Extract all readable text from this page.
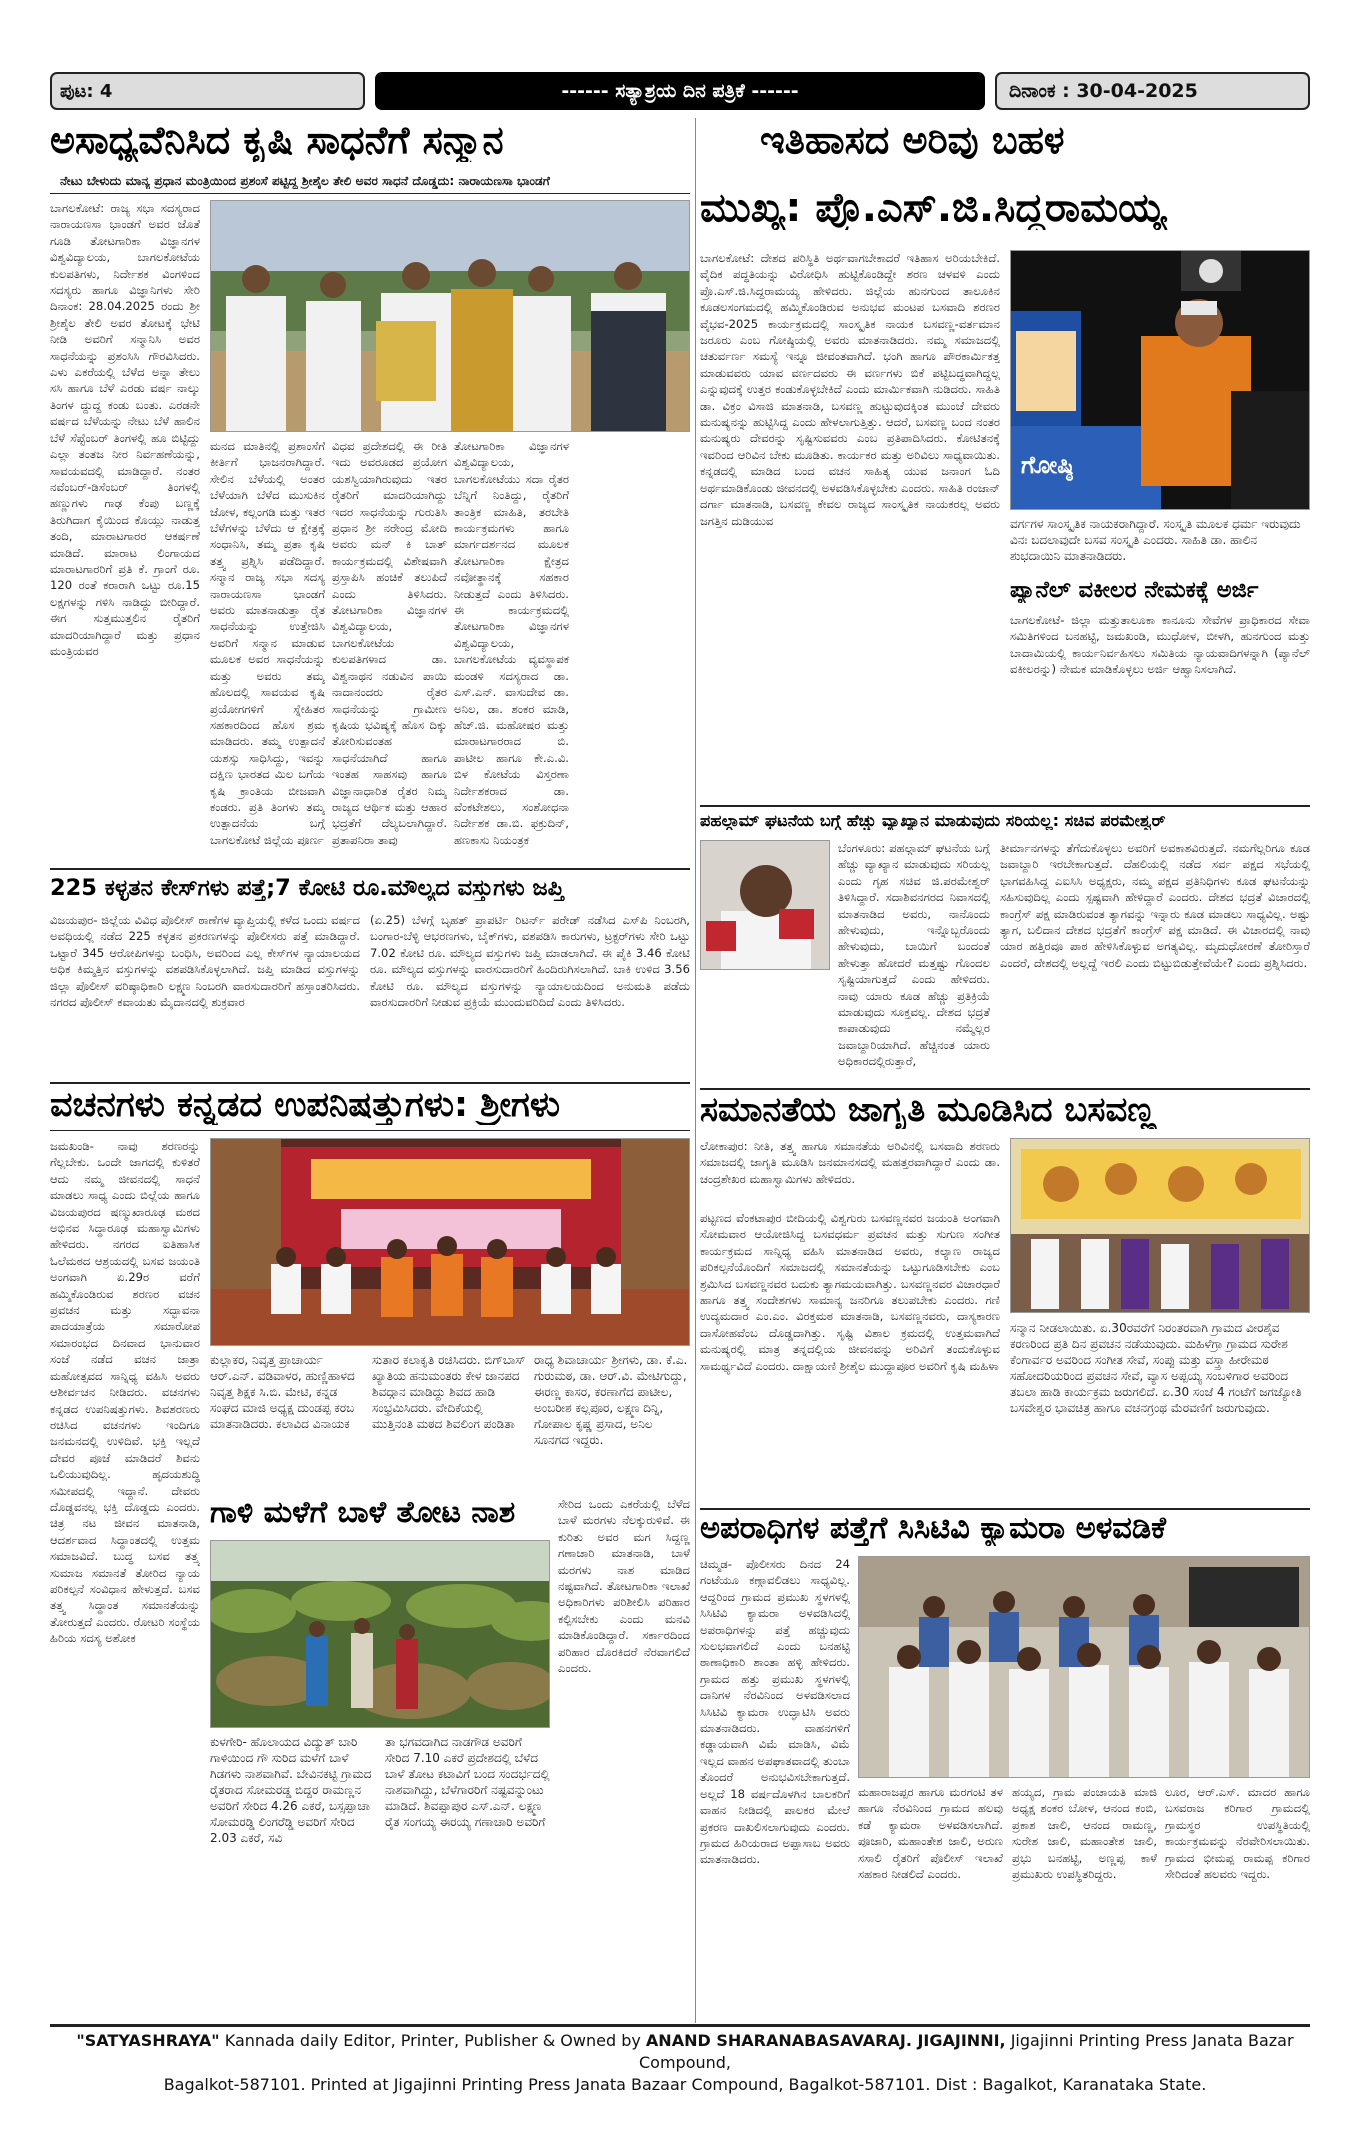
ಪುಟ: 4	------ ಸತ್ಯಾಶ್ರಯ ದಿನ ಪತ್ರಿಕೆ ------	ದಿನಾಂಕ : 30-04-2025
ಅಸಾಧ್ಯವೆನಿಸಿದ ಕೃಷಿ ಸಾಧನೆಗೆ ಸನ್ಮಾನ
ನೇಟು ಬೇಳುದು ಮಾನ್ಯ ಪ್ರಧಾನ ಮಂತ್ರಿಯಿಂದ ಪ್ರಶಂಸೆ ಪಟ್ಟಿದ್ದ ಶ್ರೀಶೈಲ ತೇಲಿ ಅವರ ಸಾಧನೆ ದೊಡ್ಡದು: ನಾರಾಯಣಸಾ ಭಾಂಡಗೆ
ಬಾಗಲಕೋಟೆ: ರಾಜ್ಯ ಸಭಾ ಸದಸ್ಯರಾದ ನಾರಾಯಣಸಾ ಭಾಂಡಗೆ ಅವರ ಜೊತೆ ಗೂಡಿ ತೋಟಗಾರಿಕಾ ವಿಜ್ಞಾನಗಳ ವಿಶ್ವವಿದ್ಯಾಲಯ, ಬಾಗಲಕೋಟೆಯ ಕುಲಪತಿಗಳು, ನಿರ್ದೇಶಕ ವಿಂಗಳಿಂದ ಸದಸ್ಯರು ಹಾಗೂ ವಿಜ್ಞಾನಿಗಳು ಸೇರಿ ದಿನಾಂಕ: 28.04.2025 ರಂದು ಶ್ರೀ ಶ್ರೀಶೈಲ ತೇಲಿ ಅವರ ತೋಟಕ್ಕೆ ಭೇಟಿ ನೀಡಿ ಅವರಿಗೆ ಸನ್ಮಾನಿಸಿ ಅವರ ಸಾಧನೆಯನ್ನು ಪ್ರಶಂಸಿಸಿ ಗೌರವಿಸಿದರು. ಎಳು ಎಕರೆಯಲ್ಲಿ ಬೆಳೆದ ಅನ್ನಾ ತೇಲು ಸಸಿ ಹಾಗೂ ಬೆಳೆ ಎರಡು ವರ್ಷ ನಾಲ್ಕು ತಿಂಗಳ ದ್ದುದ್ದ ಕಂಡು ಬಂತು. ಎರಡನೇ ವರ್ಷದ ಬೆಳೆಯನ್ನು ನೇಟು ಬೆಳೆ ಹಾಲಿನ ಬೆಳೆ ಸೆಪ್ಟೆಂಬರ್ ತಿಂಗಳಲ್ಲಿ ಹೂ ಬಿಟ್ಟಿದ್ದು ಎಲ್ಲಾ ತಂತಜ ನೀರ ನಿರ್ವಹಣೆಯನ್ನು, ಸಾವಯವದಲ್ಲಿ ಮಾಡಿದ್ದಾರೆ. ನಂತರ ನವೆಂಬರ್-ಡಿಸೆಂಬರ್ ತಿಂಗಳಲ್ಲಿ ಹಣ್ಣುಗಳು ಗಾಢ ಕೆಂಪು ಬಣ್ಣಕ್ಕೆ ತಿರುಗಿದಾಗ ಕೈಯಿಂದ ಕೊಯ್ಲು ನಾಡುತ್ತ ತಂದಿ, ಮಾರಾಟಗಾರರ ಆಕರ್ಷಣೆ ಮಾಡಿದೆ. ಮಾರಾಟ ಲಿಂಗಾಯದ ಮಾರಾಟಗಾರರಿಗೆ ಪ್ರತಿ ಕೆ. ಗ್ರಾಂಗೆ ರೂ. 120 ರಂತೆ ಕರಾರಾಗಿ ಒಟ್ಟು ರೂ.15 ಲಕ್ಷಗಳನ್ನು ಗಳಿಸಿ ನಾಡಿದ್ದು ಬೀರಿದ್ದಾರೆ. ಈಗ ಸುತ್ತಮುತ್ತಲಿನ ರೈತರಿಗೆ ಮಾದರಿಯಾಗಿದ್ದಾರೆ ಮತ್ತು ಪ್ರಧಾನ ಮಂತ್ರಿಯವರ
ಮನದ ಮಾತಿನಲ್ಲಿ ಪ್ರಶಾಂಸೆಗೆ ಕೀರ್ತಿಗೆ ಭಾಜನರಾಗಿದ್ದಾರೆ. ಸೇಲಿನ ಬೆಳೆಯಲ್ಲಿ ಅಂತರ ಬೆಳೆಯಾಗಿ ಬೆಳೆದ ಮುಸುಕಿನ ಜೋಳ, ಕಲ್ಲಂಗಡಿ ಮತ್ತು ಇತರ ಬೆಳೆಗಳನ್ನು ಬೆಳೆದು ಆ ಕ್ಷೇತ್ರಕ್ಕೆ ಸಂಧಾನಿಸಿ, ತಮ್ಮ ಪ್ರತಾ ಕೃಷಿ ತತ್ತ್ವ ಪ್ರಶ್ನಿಸಿ ಪಡೆದಿದ್ದಾರೆ. ಸನ್ಮಾನ ರಾಜ್ಯ ಸಭಾ ಸದಸ್ಯ ನಾರಾಯಣಸಾ ಭಾಂಡಗೆ ಅವರು ಮಾತನಾಡುತ್ತಾ ರೈತ ಸಾಧನೆಯನ್ನು ಉತ್ತೇಜಿಸಿ ಅವರಿಗೆ ಸನ್ಮಾನ ಮಾಡುವ ಮೂಲಕ ಅವರ ಸಾಧನೆಯನ್ನು ಮತ್ತು ಅವರು ತಮ್ಮ ಹೊಲದಲ್ಲಿ ಸಾವಯವ ಕೃಷಿ ಪ್ರಯೋಗಗಳಿಗೆ ಸ್ನೇಹಿತರ ಸಹಕಾರದಿಂದ ಹೊಸ ಶ್ರಮ ಮಾಡಿದರು. ತಮ್ಮ ಉತ್ಪಾದನೆ ಯಶಸ್ಸು ಸಾಧಿಸಿದ್ದು, ಇವನ್ನು ದಕ್ಷಿಣ ಭಾರತದ ಮಿಲ ಬಗೆಯ ಕೃಷಿ ಕ್ರಾಂತಿಯ ಬೀಜವಾಗಿ ಕಂಡರು. ಪ್ರತಿ ತಿಂಗಳು ತಮ್ಮ ಉತ್ಪಾದನೆಯ ಬಗ್ಗೆ ಬಾಗಲಕೋಟೆ ಜಿಲ್ಲೆಯ ಪೂರ್ಣ
ವಿಧವ ಪ್ರದೇಶದಲ್ಲಿ ಈ ರೀತಿ ಇದು ಅವರೂಡದ ಪ್ರಯೋಗ ಯಶಸ್ವಿಯಾಗಿರುವುದು ಇತರ ರೈತರಿಗೆ ಮಾದರಿಯಾಗಿದ್ದು ಇದರ ಸಾಧನೆಯನ್ನು ಗುರುತಿಸಿ ಪ್ರಧಾನ ಶ್ರೀ ನರೇಂದ್ರ ಮೋದಿ ಅವರು ಮನ್ ಕಿ ಬಾತ್ ಕಾರ್ಯಕ್ರಮದಲ್ಲಿ ವಿಶೇಷವಾಗಿ ಪ್ರಸ್ತಾಪಿಸಿ ಹಂಚಿಕೆ ತಲುಪಿದೆ ಎಂದು ತಿಳಿಸಿದರು. ತೋಟಗಾರಿಕಾ ವಿಜ್ಞಾನಗಳ ವಿಶ್ವವಿದ್ಯಾಲಯ, ಬಾಗಲಕೋಟೆಯ ಕುಲಪತಿಗಳಾದ ಡಾ. ವಿಶ್ವನಾಥನ ನಡುವಿನ ಪಾಯಿ ನಾದಾನಂದರು ರೈತರ ಸಾಧನೆಯನ್ನು ಗ್ರಾಮೀಣ ಕೃಷಿಯ ಭವಿಷ್ಯಕ್ಕೆ ಹೊಸ ದಿಕ್ಕು ತೋರಿಸುವಂತಹ ಸಾಧನೆಯಾಗಿದೆ ಹಾಗೂ ಇಂತಹ ಸಾಹಸವು ಹಾಗೂ ವಿಜ್ಞಾನಾಧಾರಿತ ರೈತರ ನಿಮ್ಮ ರಾಜ್ಯದ ಆರ್ಥಿಕ ಮತ್ತು ಆಹಾರ ಭದ್ರತೆಗೆ ದೆಲ್ಯಬಲಾಗಿದ್ದಾರೆ. ಪ್ರತಾಪನಿರಾ ತಾವು
ತೋಟಗಾರಿಕಾ ವಿಜ್ಞಾನಗಳ ವಿಶ್ವವಿದ್ಯಾಲಯ, ಬಾಗಲಕೋಟೆಯು ಸದಾ ರೈತರ ಬೆನ್ನಿಗೆ ನಿಂತಿದ್ದು, ರೈತರಿಗೆ ತಾಂತ್ರಿಕ ಮಾಹಿತಿ, ತರಬೇತಿ ಕಾರ್ಯಕ್ರಮಗಳು ಹಾಗೂ ಮಾರ್ಗದರ್ಶನದ ಮೂಲಕ ತೋಟಗಾರಿಕಾ ಕ್ಷೇತ್ರದ ನವೋತ್ಥಾನಕ್ಕೆ ಸಹಕಾರ ನೀಡುತ್ತದೆ ಎಂದು ತಿಳಿಸಿದರು. ಈ ಕಾರ್ಯಕ್ರಮದಲ್ಲಿ ತೋಟಗಾರಿಕಾ ವಿಜ್ಞಾನಗಳ ವಿಶ್ವವಿದ್ಯಾಲಯ, ಬಾಗಲಕೋಟೆಯ ವ್ಯವಸ್ಥಾಪಕ ಮಂಡಳಿ ಸದಸ್ಯರಾದ ಡಾ. ಎಸ್.ಎನ್. ವಾಸುದೇವ ಡಾ. ಅನಿಲ, ಡಾ. ಶಂಕರ ಮಾಡಿ, ಹೆಚ್.ಜಿ. ಮಹೋಷರ ಮತ್ತು ಮಾರಾಟಗಾರರಾದ ಬಿ. ಪಾಟೀಲ ಹಾಗೂ ಕೇ.ಎ.ವಿ. ಬಿಳ ಕೋಟೆಯ ವಿಸ್ತರಣಾ ನಿರ್ದೇಶಕರಾದ ಡಾ. ವೆಂಕಟೇಶಲು, ಸಂಶೋಧನಾ ನಿರ್ದೇಶಕ ಡಾ.ಬಿ. ಫಕ್ರುದಿನ್, ಹಣಕಾಸು ನಿಯಂತ್ರಕ
225 ಕಳ್ಳತನ ಕೇಸ್‌ಗಳು ಪತ್ತೆ;7 ಕೋಟಿ ರೂ.ಮೌಲ್ಯದ ವಸ್ತುಗಳು ಜಪ್ತಿ
ವಿಜಯಪುರ- ಜಿಲ್ಲೆಯ ವಿವಿಧ ಪೊಲೀಸ್ ಠಾಣೆಗಳ ವ್ಯಾಪ್ತಿಯಲ್ಲಿ ಕಳೆದ ಒಂದು ವರ್ಷದ ಅವಧಿಯಲ್ಲಿ ನಡೆದ 225 ಕಳ್ಳತನ ಪ್ರಕರಣಗಳನ್ನು ಪೊಲೀಸರು ಪತ್ತೆ ಮಾಡಿದ್ದಾರೆ. ಒಟ್ಟಾರೆ 345 ಆರೋಪಿಗಳನ್ನು ಬಂಧಿಸಿ, ಅವರಿಂದ ಎಲ್ಲ ಕೇಸ್‌ಗಳ ನ್ಯಾಯಾಲಯದ ಅಧಿಕ ಕಿಮ್ಮತ್ತಿನ ವಸ್ತುಗಳನ್ನು ವಶಪಡಿಸಿಕೊಳ್ಳಲಾಗಿದೆ. ಜಪ್ತಿ ಮಾಡಿದ ವಸ್ತುಗಳನ್ನು ಜಿಲ್ಲಾ ಪೊಲೀಸ್ ವರಿಷ್ಠಾಧಿಕಾರಿ ಲಕ್ಷ್ಮಣ ನಿಂಬರಗಿ ವಾರಸುದಾರರಿಗೆ ಹಸ್ತಾಂತರಿಸಿದರು. ನಗರದ ಪೊಲೀಸ್ ಕವಾಯತು ಮೈದಾನದಲ್ಲಿ ಶುಕ್ರವಾರ
(ಏ.25) ಬೆಳಗ್ಗೆ ಬೃಹತ್ ಪ್ರಾಪರ್ಟಿ ರಿಟರ್ನ್ ಪರೇಡ್ ನಡೆಸಿದ ಎಸ್‌ಪಿ ನಿಂಬರಗಿ, ಬಂಗಾರ-ಬೆಳ್ಳಿ ಆಭರಣಗಳು, ಬೈಕ್‌ಗಳು, ವಶಪಡಿಸಿ ಕಾರುಗಳು, ಟ್ರಕ್ಟರ್‌ಗಳು ಸೇರಿ ಒಟ್ಟು 7.02 ಕೋಟಿ ರೂ. ಮೌಲ್ಯದ ವಸ್ತುಗಳು ಜಪ್ತಿ ಮಾಡಲಾಗಿದೆ. ಈ ಪೈಕಿ 3.46 ಕೋಟಿ ರೂ. ಮೌಲ್ಯದ ವಸ್ತುಗಳನ್ನು ವಾರಸುದಾರರಿಗೆ ಹಿಂದಿರುಗಿಸಲಾಗಿದೆ. ಬಾಕಿ ಉಳಿದ 3.56 ಕೋಟಿ ರೂ. ಮೌಲ್ಯದ ವಸ್ತುಗಳನ್ನು ನ್ಯಾಯಾಲಯದಿಂದ ಅನುಮತಿ ಪಡೆದು ವಾರಸುದಾರರಿಗೆ ನೀಡುವ ಪ್ರಕ್ರಿಯೆ ಮುಂದುವರಿದಿದೆ ಎಂದು ತಿಳಿಸಿದರು.
ವಚನಗಳು ಕನ್ನಡದ ಉಪನಿಷತ್ತುಗಳು: ಶ್ರೀಗಳು
ಜಮಖಂಡಿ- ನಾವು ಶರಣರನ್ನು ಗೆಲ್ಲಬೇಕು. ಒಂದೇ ಜಾಗದಲ್ಲಿ ಕುಳಿತರೆ ಆದು ನಮ್ಮ ಜೀವನದಲ್ಲಿ ಸಾಧನೆ ಮಾಡಲು ಸಾಧ್ಯ ಎಂದು ಬಿಲ್ಲೆಯ ಹಾಗೂ ವಿಜಯಪುರದ ಷಣ್ಮುಖಾರೂಢ ಮಠದ ಅಭಿನವ ಸಿದ್ಧಾರೂಢ ಮಹಾಸ್ವಾಮಿಗಳು ಹೇಳಿದರು. ನಗರದ ಐತಿಹಾಸಿಕ ಓಲೆಮಠದ ಆಶ್ರಯದಲ್ಲಿ ಬಸವ ಜಯಂತಿ ಅಂಗವಾಗಿ ಏ.29ರ ವರೆಗೆ ಹಮ್ಮಿಕೊಂಡಿರುವ ಶರಣರ ವಚನ ಪ್ರವಚನ ಮತ್ತು ಸದ್ಭಾವನಾ ಪಾದಯಾತ್ರೆಯ ಸಮಾರೋಪ ಸಮಾರಂಭದ ದಿನವಾದ ಭಾನುವಾರ ಸಂಜೆ ನಡೆದ ವಚನ ಜಾತ್ರಾ ಮಹೋತ್ಸವದ ಸಾನ್ನಿಧ್ಯ ವಹಿಸಿ ಅವರು ಆಶೀರ್ವಚನ ನೀಡಿದರು. ವಚನಗಳು ಕನ್ನಡದ ಉಪನಿಷತ್ತುಗಳು. ಶಿವಶರಣರು ರಚಿಸಿದ ವಚನಗಳು ಇಂದಿಗೂ ಜನಮನದಲ್ಲಿ ಉಳಿದಿವೆ. ಭಕ್ತಿ ಇಲ್ಲದೆ ದೇವರ ಪೂಜೆ ಮಾಡಿದರೆ ಶಿವನು ಒಲಿಯುವುದಿಲ್ಲ. ಹೃದಯಶುದ್ಧಿ ಸಮೀಪದಲ್ಲಿ ಇದ್ದಾನೆ. ದೇವರು ದೊಡ್ಡವನಲ್ಲ ಭಕ್ತಿ ದೊಡ್ಡದು ಎಂದರು. ಚಿತ್ರ ನಟ ಜೀವನ ಮಾತನಾಡಿ, ಆದರ್ಶವಾದ ಸಿದ್ಧಾಂತದಲ್ಲಿ ಉತ್ತಮ ಸಮಾಜವಿದೆ. ಬುದ್ಧ ಬಸವ ತತ್ತ್ವ ಸುಮಾಜ ಸಮಾನತೆ ತೋರಿದ ನ್ಯಾಯ ಪರಿಕಲ್ಪನೆ ಸಂವಿಧಾನ ಹೇಳುತ್ತದೆ. ಬಸವ ತತ್ತ್ವ ಸಿದ್ಧಾಂತ ಸಮಾನತೆಯನ್ನು ತೋರುತ್ತದೆ ಎಂದರು. ರೋಟರಿ ಸಂಸ್ಥೆಯ ಹಿರಿಯ ಸದಸ್ಯ ಅಶೋಕ
ಕುಲ್ಲಾಕರ, ನಿವೃತ್ತ ಪ್ರಾಚಾರ್ಯ ಆರ್.ಎನ್. ವಡಿವಾಳರ, ಹುಣ್ಣಿಹಾಳದ ನಿವೃತ್ತ ಶಿಕ್ಷಕ ಸಿ.ಬಿ. ಮೇಟಿ, ಕನ್ನಡ ಸಂಘದ ಮಾಜಿ ಅಧ್ಯಕ್ಷ ದುಂಡಪ್ಪ ಕರಬ ಮಾತನಾಡಿದರು. ಕಲಾವಿದ ವಿನಾಯಕ
ಸುತಾರ ಕಲಾಕೃತಿ ರಚಿಸಿದರು. ಬಿಗ್‌ಬಾಸ್ ಖ್ಯಾತಿಯ ಹನುಮಂತರು ಕೇಳ ಜಾನಪದ ಶಿವದ್ಗಾನ ಮಾಡಿದ್ದು ಶಿವದ ಹಾಡಿ ಸಂಭ್ರಮಿಸಿದರು. ವೇದಿಕೆಯಲ್ಲಿ ಮುತ್ತಿನಂತಿ ಮಠದ ಶಿವಲಿಂಗ ಪಂಡಿತಾ
ರಾಧ್ಯ ಶಿವಾಚಾರ್ಯ ಶ್ರೀಗಳು, ಡಾ. ಕೆ.ಎ. ಗುರುಮಠ, ಡಾ. ಆರ್.ವಿ. ಮೇಟಿಗುದ್ದು, ಈರಣ್ಣ ಕಾಸರ, ಕರಣಾಗೆದ ಪಾಟೀಲ, ಅಂಬರೀಶ ಕಲ್ಲಪೂರ, ಲಕ್ಷ್ಮಣ ದಿನ್ನಿ, ಗೋಪಾಲ ಕೃಷ್ಣ ಪ್ರಸಾದ, ಅನಿಲ ಸೂನಗದ ಇದ್ದರು.
ಗಾಳಿ ಮಳೆಗೆ ಬಾಳೆ ತೋಟ ನಾಶ	ಸೇರಿದ ಒಂದು ಎಕರೆಯಲ್ಲಿ ಬೆಳೆದ ಬಾಳೆ ಮರಗಳು ನೆಲಕ್ಕುರುಳಿವೆ. ಈ ಕುರಿತು ಅವರ ಮಗ ಸಿದ್ದಣ್ಣ ಗಣಾಚಾರಿ ಮಾತನಾಡಿ, ಬಾಳೆ ಮರಗಳು ನಾಶ ಮಾಡಿದ ನಷ್ಟವಾಗಿದೆ. ತೋಟಗಾರಿಕಾ ಇಲಾಖೆ ಅಧಿಕಾರಿಗಳು ಪರಿಶೀಲಿಸಿ ಪರಿಹಾರ ಕಲ್ಪಿಸಬೇಕು ಎಂದು ಮನವಿ ಮಾಡಿಕೊಂಡಿದ್ದಾರೆ. ಸರ್ಕಾರದಿಂದ ಪರಿಹಾರ ದೊರಕಿದರೆ ನೆರವಾಗಲಿದೆ ಎಂದರು.
ಕುಳಗೇರಿ- ಹೊಲಾಯದ ವಿದ್ಯುತ್ ಬಾರಿ ಗಾಳಿಯಿಂದ ಗೌ ಸುರಿದ ಮಳೆಗೆ ಬಾಳೆ ಗಿಡಗಳು ನಾಶವಾಗಿವೆ. ಬೇವಿನಕಟ್ಟಿ ಗ್ರಾಮದ ರೈತರಾದ ಸೋಮರಡ್ಡ ಬಿದ್ದರ ರಾಮಣ್ಣನ ಅವರಿಗೆ ಸೇರಿದ 4.26 ಎಕರೆ, ಬಸ್ಸಪ್ಪಾಚಾ ಸೋಮರಡ್ಡಿ ಲಿಂಗರೆಡ್ಡಿ ಅವರಿಗೆ ಸೇರಿದ 2.03 ಎಕರೆ, ಸವಿ
ತಾ ಭಗವದಾಗಿದ ನಾಡಗೌಡ ಅವರಿಗೆ ಸೇರಿದ 7.10 ಎಕರೆ ಪ್ರದೇಶದಲ್ಲಿ ಬೆಳೆದ ಬಾಳೆ ತೋಟ ಕಟಾವಿಗೆ ಬಂದ ಸಂದರ್ಭದಲ್ಲಿ ನಾಶವಾಗಿದ್ದು, ಬೆಳೆಗಾರರಿಗೆ ನಷ್ಟವನ್ನುಂಟು ಮಾಡಿದೆ. ಶಿವಪ್ಪಾಪುರ ಎಸ್.ಎನ್. ಲಕ್ಷ್ಮಣ ರೈತ ಸಂಗಯ್ಯ ಈರಯ್ಯ ಗಣಾಚಾರಿ ಅವರಿಗೆ
ಇತಿಹಾಸದ ಅರಿವು ಬಹಳ
ಮುಖ್ಯ: ಪ್ರೊ.ಎಸ್.ಜಿ.ಸಿದ್ದರಾಮಯ್ಯ
ಬಾಗಲಕೋಟೆ: ದೇಶದ ಪರಿಸ್ಥಿತಿ ಅರ್ಥವಾಗಬೇಕಾದರೆ ಇತಿಹಾಸ ಅರಿಯಬೇಕಿದೆ. ವೈದಿಕ ಪದ್ಧತಿಯನ್ನು ವಿರೋಧಿಸಿ ಹುಟ್ಟಿಕೊಂಡಿದ್ದೇ ಶರಣ ಚಳವಳಿ ಎಂದು ಪ್ರೊ.ಎಸ್.ಜಿ.ಸಿದ್ದರಾಮಯ್ಯ ಹೇಳಿದರು. ಜಿಲ್ಲೆಯ ಹುನಗುಂದ ತಾಲೂಕಿನ ಕೂಡಲಸಂಗಮದಲ್ಲಿ ಹಮ್ಮಿಕೊಂಡಿರುವ ಅನುಭವ ಮಂಟಪ ಬಸವಾದಿ ಶರಣರ ವೈಭವ-2025 ಕಾರ್ಯಕ್ರಮದಲ್ಲಿ ಸಾಂಸ್ಕೃತಿಕ ನಾಯಕ ಬಸವಣ್ಣ-ವರ್ತಮಾನ ಜರೂರು ಎಂಬ ಗೋಷ್ಠಿಯಲ್ಲಿ ಅವರು ಮಾತನಾಡಿದರು. ನಮ್ಮ ಸಮಾಜದಲ್ಲಿ ಚತುರ್ವರ್ಣ ಸಮಸ್ಯೆ ಇನ್ನೂ ಜೀವಂತವಾಗಿದೆ. ಭಂಗಿ ಹಾಗೂ ಪೌರಕಾರ್ಮಿಕತ್ತ ಮಾಡುವವರು ಯಾವ ವರ್ಣದವರು ಈ ವರ್ಣಗಳು ಬಿಕೆ ಪಟ್ಟಿಬದ್ಧವಾಗಿದ್ದಲ್ಲ ಎನ್ನುವುದಕ್ಕೆ ಉತ್ತರ ಕಂಡುಕೊಳ್ಳಬೇಕಿದೆ ಎಂದು ಮಾರ್ಮಿಕವಾಗಿ ನುಡಿದರು. ಸಾಹಿತಿ ಡಾ. ವಿಕ್ರಂ ವಿಸಾಜಿ ಮಾತನಾಡಿ, ಬಸವಣ್ಣ ಹುಟ್ಟುವುದಕ್ಕಿಂತ ಮುಂಚೆ ದೇವರು ಮನುಷ್ಯನನ್ನು ಹುಟ್ಟಿಸಿದ್ದ ಎಂದು ಹೇಳಲಾಗುತ್ತಿತ್ತು. ಆದರೆ, ಬಸವಣ್ಣ ಬಂದ ನಂತರ ಮನುಷ್ಯರು ದೇವರನ್ನು ಸೃಷ್ಟಿಸುವವರು ಎಂಬ ಪ್ರತಿಪಾದಿಸಿದರು. ಕೋಟಿತನಕ್ಕೆ ಇವರಿಂದ ಆರಿವಿನ ಬೇಕು ಮೂಡಿತು. ಕಾರ್ಯಕರ ಮತ್ತು ಅರಿವಿಲು ಸಾಧ್ಯವಾಯಿತು. ಕನ್ನಡದಲ್ಲಿ ಮಾಡಿದ ಬಂದ ವಚನ ಸಾಹಿತ್ಯ ಯುವ ಜನಾಂಗ ಓದಿ ಅರ್ಥಮಾಡಿಕೊಂಡು ಜೀವನದಲ್ಲಿ ಅಳವಡಿಸಿಕೊಳ್ಳಬೇಕು ಎಂದರು. ಸಾಹಿತಿ ರಂಜಾನ್ ದರ್ಗಾ ಮಾತನಾಡಿ, ಬಸವಣ್ಣ ಕೇವಲ ರಾಜ್ಯದ ಸಾಂಸ್ಕೃತಿಕ ನಾಯಕರಲ್ಲ ಅವರು ಜಗತ್ತಿನ ದುಡಿಯುವ
ಗೋಷ್ಠಿ
ವರ್ಗಗಳ ಸಾಂಸ್ಕೃತಿಕ ನಾಯಕರಾಗಿದ್ದಾರೆ. ಸಂಸ್ಕೃತಿ ಮೂಲಕ ಧರ್ಮ ಇರುವುದು ವಿನಃ ಬದಲಾವುದೇ ಬಸವ ಸಂಸ್ಕೃತಿ ಎಂದರು. ಸಾಹಿತಿ ಡಾ. ಹಾಲಿನ ಶುಭದಾಯಿನಿ ಮಾತನಾಡಿದರು.
ಪ್ಯಾನೆಲ್ ವಕೀಲರ ನೇಮಕಕ್ಕೆ ಅರ್ಜಿ
ಬಾಗಲಕೋಟೆ- ಜಿಲ್ಲಾ ಮತ್ತುತಾಲೂಕಾ ಕಾನೂನು ಸೇವೆಗಳ ಪ್ರಾಧಿಕಾರದ ಸೇವಾ ಸಮಿತಿಗಳಿಂದ ಬನಹಟ್ಟಿ, ಜಮಖಂಡಿ, ಮುಧೋಳ, ಬೀಳಗಿ, ಹುನಗುಂದ ಮತ್ತು ಬಾದಾಮಿಯಲ್ಲಿ ಕಾರ್ಯನಿರ್ವಹಿಸಲು ಸಮಿತಿಯ ನ್ಯಾಯವಾದಿಗಳನ್ನಾಗಿ (ಪ್ಯಾನೆಲ್ ವಕೀಲರನ್ನು) ನೇಮಕ ಮಾಡಿಕೊಳ್ಳಲು ಅರ್ಜಿ ಆಹ್ವಾನಿಸಲಾಗಿದೆ.
ಪಹಲ್ಗಾಮ್ ಘಟನೆಯ ಬಗ್ಗೆ ಹೆಚ್ಚು ವ್ಯಾಖ್ಯಾನ ಮಾಡುವುದು ಸರಿಯಲ್ಲ: ಸಚಿವ ಪರಮೇಶ್ವರ್
ಬೆಂಗಳೂರು: ಪಹಲ್ಗಾಮ್ ಘಟನೆಯ ಬಗ್ಗೆ ಹೆಚ್ಚು ವ್ಯಾಖ್ಯಾನ ಮಾಡುವುದು ಸರಿಯಲ್ಲ ಎಂದು ಗೃಹ ಸಚಿವ ಜಿ.ಪರಮೇಶ್ವರ್ ತಿಳಿಸಿದ್ದಾರೆ. ಸದಾಶಿವನಗರದ ನಿವಾಸದಲ್ಲಿ ಮಾತನಾಡಿದ ಅವರು, ನಾನೊಂದು ಹೇಳುವುದು, ಇನ್ನೊಬ್ಬರೊಂದು ಹೇಳುವುದು, ಬಾಯಿಗೆ ಬಂದಂತೆ ಹೇಳುತ್ತಾ ಹೋದರೆ ಮತ್ತಷ್ಟು ಗೊಂದಲ ಸೃಷ್ಟಿಯಾಗುತ್ತದೆ ಎಂದು ಹೇಳಿದರು. ನಾವು ಯಾರು ಕೂಡ ಹೆಚ್ಚು ಪ್ರತಿಕ್ರಿಯೆ ಮಾಡುವುದು ಸೂಕ್ತವಲ್ಲ. ದೇಶದ ಭದ್ರತೆ ಕಾಪಾಡುವುದು ನಮ್ಮೆಲ್ಲರ ಜವಾಬ್ದಾರಿಯಾಗಿದೆ. ಹೆಚ್ಚಿನಂತ ಯಾರು ಅಧಿಕಾರದಲ್ಲಿರುತ್ತಾರೆ,
ತೀರ್ಮಾನಗಳನ್ನು ತೆಗೆದುಕೊಳ್ಳಲು ಅವರಿಗೆ ಅವಕಾಶವಿರುತ್ತದೆ. ನಮಗೆಲ್ಲರಿಗೂ ಕೂಡ ಜವಾಬ್ದಾರಿ ಇರಬೇಕಾಗುತ್ತದೆ. ದೆಹಲಿಯಲ್ಲಿ ನಡೆದ ಸರ್ವ ಪಕ್ಷದ ಸಭೆಯಲ್ಲಿ ಭಾಗವಹಿಸಿದ್ದ ಎಐಸಿಸಿ ಅಧ್ಯಕ್ಷರು, ನಮ್ಮ ಪಕ್ಷದ ಪ್ರತಿನಿಧಿಗಳು ಕೂಡ ಘಟನೆಯನ್ನು ಸಹಿಸುವುದಿಲ್ಲ ಎಂದು ಸ್ಪಷ್ಟವಾಗಿ ಹೇಳಿದ್ದಾರೆ ಎಂದರು. ದೇಶದ ಭದ್ರತೆ ವಿಚಾರದಲ್ಲಿ ಕಾಂಗ್ರೆಸ್ ಪಕ್ಷ ಮಾಡಿರುವಂತ ತ್ಯಾಗವನ್ನು ಇನ್ನಾರು ಕೂಡ ಮಾಡಲು ಸಾಧ್ಯವಿಲ್ಲ. ಅಷ್ಟು ತ್ಯಾಗ, ಬಲಿದಾನ ದೇಶದ ಭದ್ರತೆಗೆ ಕಾಂಗ್ರೆಸ್ ಪಕ್ಷ ಮಾಡಿದೆ. ಈ ವಿಚಾರದಲ್ಲಿ ನಾವು ಯಾರ ಹತ್ತಿರವೂ ಪಾಠ ಹೇಳಿಸಿಕೊಳ್ಳುವ ಅಗತ್ಯವಿಲ್ಲ. ಮೃದುಧೋರಣೆ ತೋರಿಸ್ತಾರೆ ಎಂದರೆ, ದೇಶದಲ್ಲಿ ಅಲ್ಲದ್ದೆ ಇರಲಿ ಎಂದು ಬಿಟ್ಟುಬಿಡುತ್ತೇವೆಯೇ? ಎಂದು ಪ್ರಶ್ನಿಸಿದರು.
ಸಮಾನತೆಯ ಜಾಗೃತಿ ಮೂಡಿಸಿದ ಬಸವಣ್ಣ
ಲೋಕಾಪುರ: ನೀತಿ, ತತ್ತ್ವ ಹಾಗೂ ಸಮಾನತೆಯ ಅರಿವಿನಲ್ಲಿ ಬಸವಾದಿ ಶರಣರು ಸಮಾಜದಲ್ಲಿ ಜಾಗೃತಿ ಮೂಡಿಸಿ ಜನಮಾನಸದಲ್ಲಿ ಮಹತ್ತರವಾಗಿದ್ದಾರೆ ಎಂದು ಡಾ. ಚಂದ್ರಶೇಖರ ಮಹಾಸ್ವಾಮಿಗಳು ಹೇಳಿದರು.
ಪಟ್ಟಣದ ವೆಂಕಟಾಪುರ ಬೀದಿಯಲ್ಲಿ ವಿಶ್ವಗುರು ಬಸವಣ್ಣನವರ ಜಯಂತಿ ಅಂಗವಾಗಿ ಸೋಮವಾರ ಆಯೋಜಿಸಿದ್ದ ಬಸವಧರ್ಮ ಪ್ರವಚನ ಮತ್ತು ಸುಗುಣ ಸಂಗೀತ ಕಾರ್ಯಕ್ರಮದ ಸಾನ್ನಿಧ್ಯ ವಹಿಸಿ ಮಾತನಾಡಿದ ಅವರು, ಕಲ್ಯಾಣ ರಾಜ್ಯದ ಪರಿಕಲ್ಪನೆಯೊಂದಿಗೆ ಸಮಾಜದಲ್ಲಿ ಸಮಾನತೆಯನ್ನು ಒಟ್ಟುಗೂಡಿಸಬೇಕು ಎಂಬ ಶ್ರಮಿಸಿದ ಬಸವಣ್ಣನವರ ಬದುಕು ತ್ಯಾಗಮಯವಾಗಿತ್ತು. ಬಸವಣ್ಣನವರ ವಿಚಾರಧಾರೆ ಹಾಗೂ ತತ್ತ್ವ ಸಂದೇಶಗಳು ಸಾಮಾನ್ಯ ಜನರಿಗೂ ತಲುಪಬೇಕು ಎಂದರು. ಗಣಿ ಉದ್ಯಮದಾರ ಎಂ.ಎಂ. ವಿರಕ್ತಮಠ ಮಾತನಾಡಿ, ಬಸವಣ್ಣನವರು, ದಾಸ್ಯಕಾರಣ ದಾಸೋಹವೆಂಬ ದೊಡ್ಡದಾಗಿತ್ತು. ಸೃಷ್ಟಿ ವಿಶಾಲ ಕ್ರಮದಲ್ಲಿ ಉತ್ತಮವಾಗಿದೆ ಮನುಷ್ಯರಲ್ಲಿ ಮಾತ್ರ ತನ್ನದಲ್ಲಿಯ ಜೀವನವನ್ನು ಅರಿವಿಗೆ ತಂದುಕೊಳ್ಳುವ ಸಾಮರ್ಥ್ಯವಿದೆ ಎಂದರು. ದಾಕ್ಷಾಯಣಿ ಶ್ರೀಶೈಲ ಮುದ್ದಾಪೂರ ಅವರಿಗೆ ಕೃಷಿ ಮಹಿಳಾ
ಸನ್ಮಾನ ನೀಡಲಾಯಿತು. ಏ.30ರವರೆಗೆ ನಿರಂತರವಾಗಿ ಗ್ರಾಮದ ವೀರಶೈವ ಕರಣರಿಂದ ಪ್ರತಿ ದಿನ ಪ್ರವಚನ ನಡೆಯುವುದು. ಮಹಿಳೆಗ್ರಾ ಗ್ರಾಮದ ಸುರೇಶ ಕೆಂಗಾರ್ವರ ಅವರಿಂದ ಸಂಗೀತ ಸೇವೆ, ಸಂಪ್ಪು ಮತ್ತು ವಸ್ತ್ರಾ ಹೀರೇಮಠ ಸಹೋದರಿಯರಿಂದ ಪ್ರವಚನ ಸೇವೆ, ವ್ಯಾಸ ಅಪ್ಪಯ್ಯ ಸಂಬಳಿಗಾರ ಅವರಿಂದ ತಬಲಾ ಹಾಡಿ ಕಾರ್ಯಕ್ರಮ ಜರುಗಲಿದೆ. ಏ.30 ಸಂಜೆ 4 ಗಂಟೆಗೆ ಜಗಜ್ಯೋತಿ ಬಸವೇಶ್ವರ ಭಾವಚಿತ್ರ ಹಾಗೂ ವಚನಗ್ರಂಥ ಮೆರವಣಿಗೆ ಜರುಗುವುದು.
ಅಪರಾಧಿಗಳ ಪತ್ತೆಗೆ ಸಿಸಿಟಿವಿ ಕ್ಯಾಮರಾ ಅಳವಡಿಕೆ
ಚಿಮ್ಮಡ- ಪೊಲೀಸರು ದಿನದ 24 ಗಂಟೆಯೂ ಕಣ್ಗಾವಲಿಡಲು ಸಾಧ್ಯವಿಲ್ಲ. ಆದ್ದರಿಂದ ಗ್ರಾಮದ ಪ್ರಮುಖ ಸ್ಥಳಗಳಲ್ಲಿ ಸಿಸಿಟಿವಿ ಕ್ಯಾಮರಾ ಅಳವಡಿಸಿದಲ್ಲಿ ಅಪರಾಧಿಗಳನ್ನು ಪತ್ತೆ ಹಚ್ಚುವುದು ಸುಲಭವಾಗಲಿದೆ ಎಂದು ಬನಹಟ್ಟಿ ಠಾಣಾಧಿಕಾರಿ ಶಾಂತಾ ಹಳ್ಳಿ ಹೇಳಿದರು. ಗ್ರಾಮದ ಹತ್ತು ಪ್ರಮುಖ ಸ್ಥಳಗಳಲ್ಲಿ ದಾನಿಗಳ ನೆರವಿನಿಂದ ಅಳವಡಿಸಲಾದ ಸಿಸಿಟಿವಿ ಕ್ಯಾಮರಾ ಉದ್ಘಾಟಿಸಿ ಅವರು ಮಾತನಾಡಿದರು. ವಾಹನಗಳಿಗೆ ಕಡ್ಡಾಯವಾಗಿ ವಿಮೆ ಮಾಡಿಸಿ, ವಿಮೆ ಇಲ್ಲದ ವಾಹನ ಅಪಘಾತವಾದಲ್ಲಿ ತುಂಬಾ ತೊಂದರೆ ಅನುಭವಿಸಬೇಕಾಗುತ್ತದೆ. ಅಲ್ಲದೆ 18 ವರ್ಷದೊಳಗಿನ ಬಾಲಕರಿಗೆ ವಾಹನ ನೀಡಿದಲ್ಲಿ ಪಾಲಕರ ಮೇಲೆ ಪ್ರಕರಣ ದಾಖಲಿಸಲಾಗುವುದು ಎಂದರು. ಗ್ರಾಮದ ಹಿರಿಯರಾದ ಅಪ್ಪಾಸಾಬ ಅವರು ಮಾತನಾಡಿದರು.
ಮಹಾರಾಜಪ್ಪರ ಹಾಗೂ ಮರಗಂಟಿ ತಳ ಹಾಗೂ ನೆರವಿನಿಂದ ಗ್ರಾಮದ ಹಲವು ಕಡೆ ಕ್ಯಾಮರಾ ಅಳವಡಿಸಲಾಗಿದೆ. ಪೂಜಾರಿ, ಮಹಾಂತೇಶ ಜಾಲಿ, ಅರುಣ ಸಸಾಲಿ ರೈತರಿಗೆ ಪೊಲೀಸ್ ಇಲಾಖೆ ಸಹಕಾರ ನೀಡಲಿದೆ ಎಂದರು.
ಹಯ್ಯದ, ಗ್ರಾಮ ಪಂಚಾಯತಿ ಮಾಜಿ ಅಧ್ಯಕ್ಷ ಶಂಕರ ಬೋಳ, ಆನಂದ ಕಂಬಿ, ಪ್ರಕಾಶ ಜಾಲಿ, ಆನಂದ ರಾಮಣ್ಣ, ಸುರೇಶ ಜಾಲಿ, ಮಹಾಂತೇಶ ಜಾಲಿ, ಪ್ರಭು ಬನಹಟ್ಟಿ, ಅಣ್ಣಪ್ಪ ಕಾಳೆ ಪ್ರಮುಖರು ಉಪಸ್ಥಿತರಿದ್ದರು.
ಲೂರ, ಆರ್.ಎಸ್. ಮಾದರ ಹಾಗೂ ಬಸವರಾಜ ಕರಿಗಾರ ಗ್ರಾಮದಲ್ಲಿ ಗ್ರಾಮಸ್ಥರ ಉಪಸ್ಥಿತಿಯಲ್ಲಿ ಕಾರ್ಯಕ್ರಮವನ್ನು ನೆರವೇರಿಸಲಾಯಿತು. ಗ್ರಾಮದ ಭೀಮಪ್ಪ ರಾಮಪ್ಪ ಕರಿಗಾರ ಸೇರಿದಂತೆ ಹಲವರು ಇದ್ದರು.
"SATYASHRAYA" Kannada daily Editor, Printer, Publisher & Owned by ANAND SHARANABASAVARAJ. JIGAJINNI, Jigajinni Printing Press Janata Bazar Compound,
Bagalkot-587101. Printed at Jigajinni Printing Press Janata Bazaar Compound, Bagalkot-587101. Dist : Bagalkot, Karanataka State.
